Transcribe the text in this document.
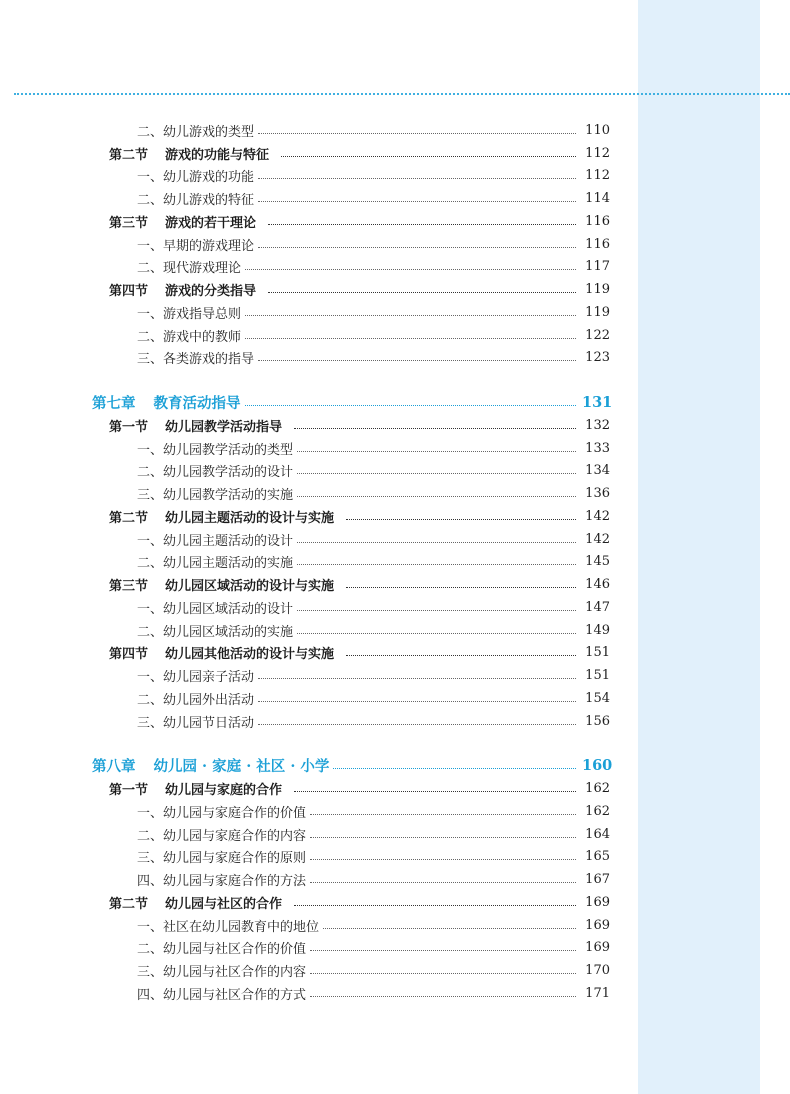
二、幼儿游戏的类型	110
第二节 游戏的功能与特征	112
一、幼儿游戏的功能	112
二、幼儿游戏的特征	114
第三节 游戏的若干理论	116
一、早期的游戏理论	116
二、现代游戏理论	117
第四节 游戏的分类指导	119
一、游戏指导总则	119
二、游戏中的教师	122
三、各类游戏的指导	123
第七章 教育活动指导	131
第一节 幼儿园教学活动指导	132
一、幼儿园教学活动的类型	133
二、幼儿园教学活动的设计	134
三、幼儿园教学活动的实施	136
第二节 幼儿园主题活动的设计与实施	142
一、幼儿园主题活动的设计	142
二、幼儿园主题活动的实施	145
第三节 幼儿园区域活动的设计与实施	146
一、幼儿园区域活动的设计	147
二、幼儿园区域活动的实施	149
第四节 幼儿园其他活动的设计与实施	151
一、幼儿园亲子活动	151
二、幼儿园外出活动	154
三、幼儿园节日活动	156
第八章 幼儿园 · 家庭 · 社区 · 小学	160
第一节 幼儿园与家庭的合作	162
一、幼儿园与家庭合作的价值	162
二、幼儿园与家庭合作的内容	164
三、幼儿园与家庭合作的原则	165
四、幼儿园与家庭合作的方法	167
第二节 幼儿园与社区的合作	169
一、社区在幼儿园教育中的地位	169
二、幼儿园与社区合作的价值	169
三、幼儿园与社区合作的内容	170
四、幼儿园与社区合作的方式	171
